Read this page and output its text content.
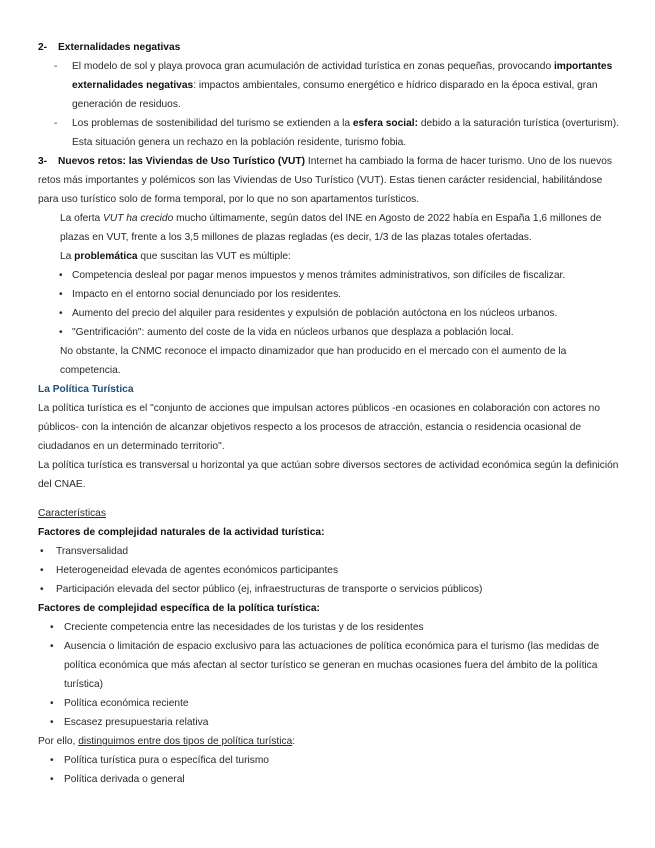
2- Externalidades negativas

- El modelo de sol y playa provoca gran acumulación de actividad turística en zonas pequeñas, provocando importantes externalidades negativas: impactos ambientales, consumo energético e hídrico disparado en la época estival, gran generación de residuos.
- Los problemas de sostenibilidad del turismo se extienden a la esfera social: debido a la saturación turística (overturism). Esta situación genera un rechazo en la población residente, turismo fobia.

3- Nuevos retos: las Viviendas de Uso Turístico (VUT) Internet ha cambiado la forma de hacer turismo. Uno de los nuevos retos más importantes y polémicos son las Viviendas de Uso Turístico (VUT). Estas tienen carácter residencial, habilitándose para uso turístico solo de forma temporal, por lo que no son apartamentos turísticos.

La oferta VUT ha crecido mucho últimamente, según datos del INE en Agosto de 2022 había en España 1,6 millones de plazas en VUT, frente a los 3,5 millones de plazas regladas (es decir, 1/3 de las plazas totales ofertadas.

La problemática que suscitan las VUT es múltiple:

• Competencia desleal por pagar menos impuestos y menos trámites administrativos, son difíciles de fiscalizar.
• Impacto en el entorno social denunciado por los residentes.
• Aumento del precio del alquiler para residentes y expulsión de población autóctona en los núcleos urbanos.
• "Gentrificación": aumento del coste de la vida en núcleos urbanos que desplaza a población local.

No obstante, la CNMC reconoce el impacto dinamizador que han producido en el mercado con el aumento de la competencia.

La Política Turística

La política turística es el "conjunto de acciones que impulsan actores públicos -en ocasiones en colaboración con actores no públicos- con la intención de alcanzar objetivos respecto a los procesos de atracción, estancia o residencia ocasional de ciudadanos en un determinado territorio".

La política turística es transversal u horizontal ya que actúan sobre diversos sectores de actividad económica según la definición del CNAE.

Características

Factores de complejidad naturales de la actividad turística:

• Transversalidad
• Heterogeneidad elevada de agentes económicos participantes
• Participación elevada del sector público (ej, infraestructuras de transporte o servicios públicos)

Factores de complejidad específica de la política turística:

• Creciente competencia entre las necesidades de los turistas y de los residentes
• Ausencia o limitación de espacio exclusivo para las actuaciones de política económica para el turismo (las medidas de política económica que más afectan al sector turístico se generan en muchas ocasiones fuera del ámbito de la política turística)
• Política económica reciente
• Escasez presupuestaria relativa

Por ello, distinguimos entre dos tipos de política turística:

• Política turística pura o específica del turismo
• Política derivada o general
